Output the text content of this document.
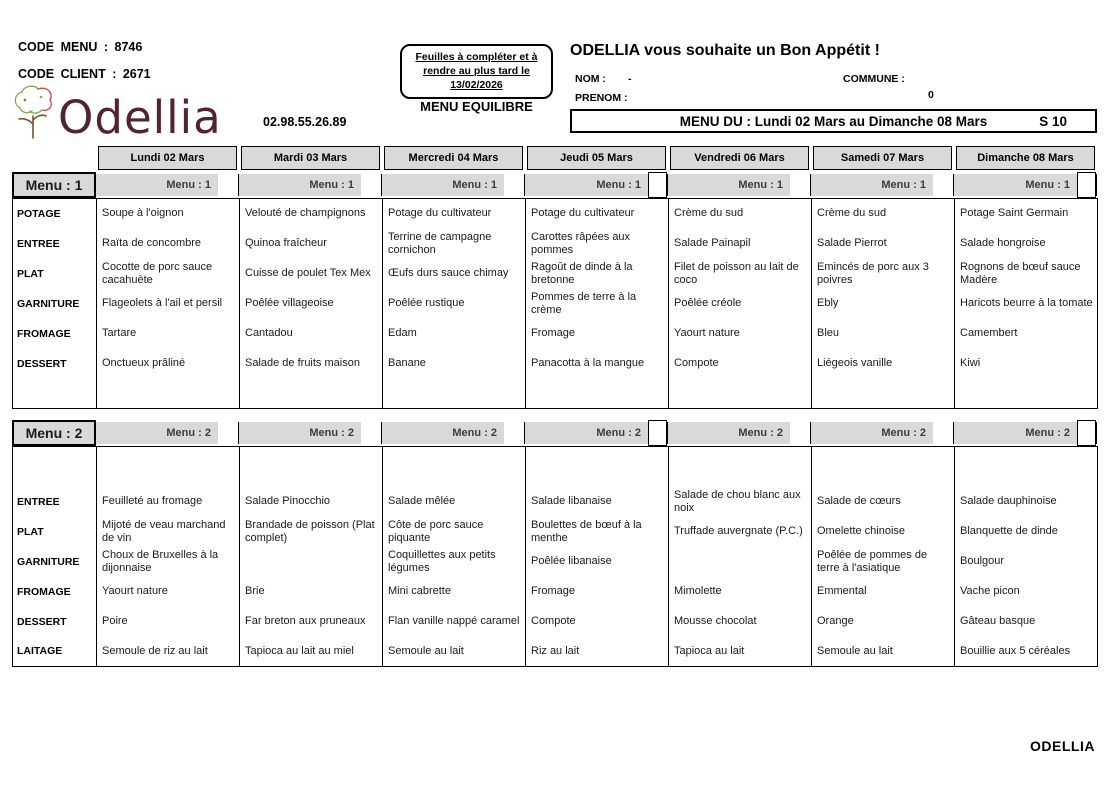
CODE MENU : 8746
CODE CLIENT : 2671
Odellia	02.98.55.26.89
Feuilles à compléter et à
rendre au plus tard le
13/02/2026
MENU EQUILIBRE
ODELLIA vous souhaite un Bon Appétit !
NOM : -	COMMUNE :
PRENOM :	0
MENU DU : Lundi 02 Mars au Dimanche 08 Mars	S 10
Lundi 02 Mars	Mardi 03 Mars	Mercredi 04 Mars	Jeudi 05 Mars	Vendredi 06 Mars	Samedi 07 Mars	Dimanche 08 Mars
Menu : 1	Menu : 1	Menu : 1	Menu : 1	Menu : 1	Menu : 1	Menu : 1	Menu : 1
POTAGE	Soupe à l'oignon	Velouté de champignons	Potage du cultivateur	Potage du cultivateur	Crème du sud	Crème du sud	Potage Saint Germain
ENTREE	Raïta de concombre	Quinoa fraîcheur	Terrine de campagne cornichon	Carottes râpées aux pommes	Salade Painapil	Salade Pierrot	Salade hongroise
PLAT	Cocotte de porc sauce cacahuète	Cuisse de poulet Tex Mex	Œufs durs sauce chimay	Ragoût de dinde à la bretonne	Filet de poisson au lait de coco	Emincés de porc aux 3 poivres	Rognons de bœuf sauce Madère
GARNITURE	Flageolets à l'ail et persil	Poêlée villageoise	Poêlée rustique	Pommes de terre à la crème	Poêlée créole	Ebly	Haricots beurre à la tomate
FROMAGE	Tartare	Cantadou	Edam	Fromage	Yaourt nature	Bleu	Camembert
DESSERT	Onctueux prâliné	Salade de fruits maison	Banane	Panacotta à la mangue	Compote	Liégeois vanille	Kiwi

Menu : 2	Menu : 2	Menu : 2	Menu : 2	Menu : 2	Menu : 2	Menu : 2	Menu : 2

ENTREE	Feuilleté au fromage	Salade Pinocchio	Salade mêlée	Salade libanaise	Salade de chou blanc aux noix	Salade de cœurs	Salade dauphinoise
PLAT	Mijoté de veau marchand de vin	Brandade de poisson (Plat complet)	Côte de porc sauce piquante	Boulettes de bœuf à la menthe	Truffade auvergnate (P.C.)	Omelette chinoise	Blanquette de dinde
GARNITURE	Choux de Bruxelles à la dijonnaise		Coquillettes aux petits légumes	Poêlée libanaise		Poêlée de pommes de terre à l'asiatique	Boulgour
FROMAGE	Yaourt nature	Brie	Mini cabrette	Fromage	Mimolette	Emmental	Vache picon
DESSERT	Poire	Far breton aux pruneaux	Flan vanille nappé caramel	Compote	Mousse chocolat	Orange	Gâteau basque
LAITAGE	Semoule de riz au lait	Tapioca au lait au miel	Semoule au lait	Riz au lait	Tapioca au lait	Semoule au lait	Bouillie aux 5 céréales
ODELLIA
